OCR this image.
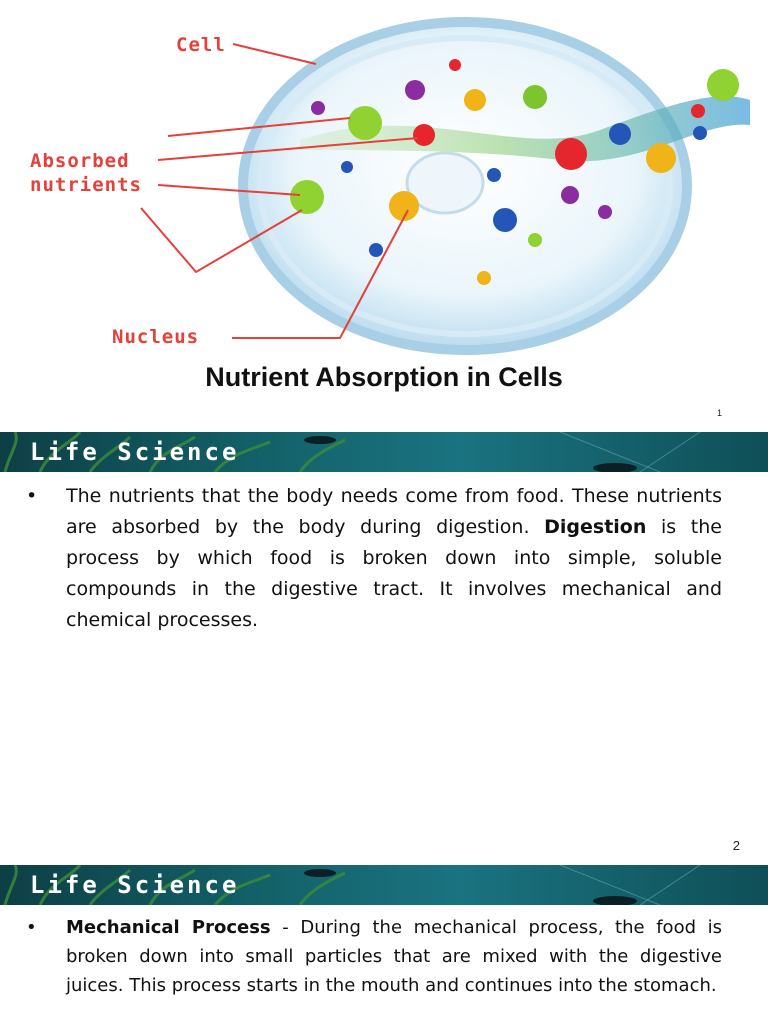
Cell
Absorbed
nutrients
Nucleus
Nutrient Absorption in Cells
1
Life Science
•	The nutrients that the body needs come from food. These nutrients are absorbed by the body during digestion. Digestion is the process by which food is broken down into simple, soluble compounds in the digestive tract. It involves mechanical and chemical processes.
2
Life Science
•	Mechanical Process - During the mechanical process, the food is broken down into small particles that are mixed with the digestive juices. This process starts in the mouth and continues into the stomach.
